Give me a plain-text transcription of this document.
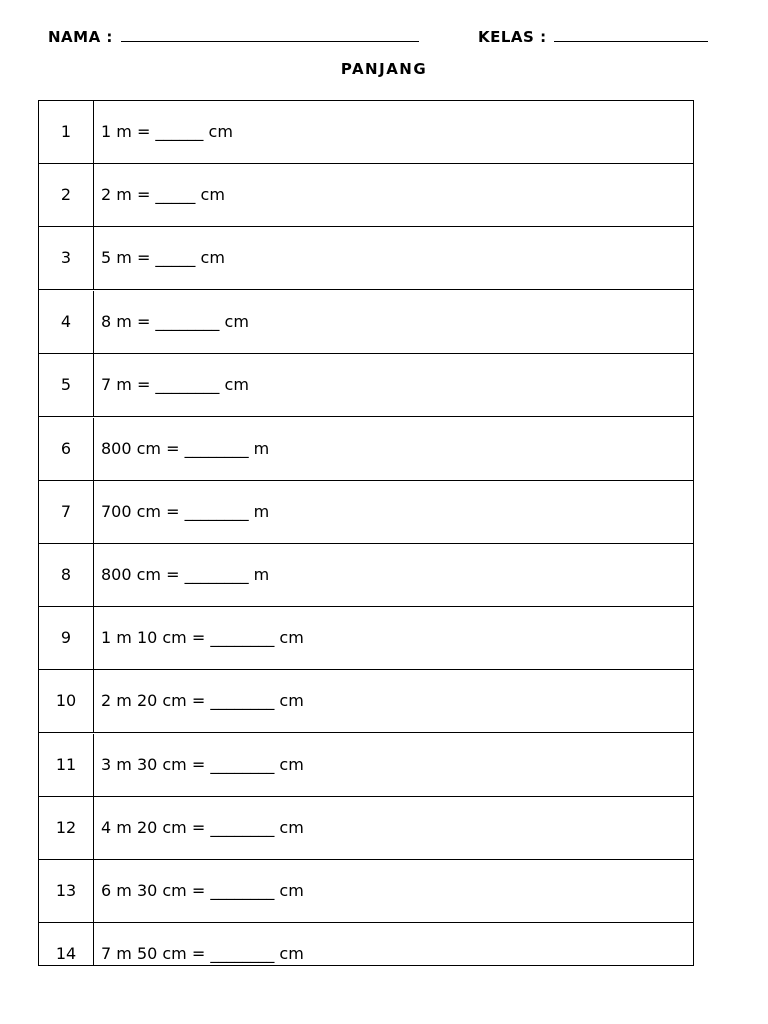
NAMA :	KELAS :
PANJANG
1	1 m = ______ cm
2	2 m = _____ cm
3	5 m = _____ cm
4	8 m = ________ cm
5	7 m = ________ cm
6	800 cm = ________ m
7	700 cm = ________ m
8	800 cm = ________ m
9	1 m 10 cm = ________ cm
10	2 m 20 cm = ________ cm
11	3 m 30 cm = ________ cm
12	4 m 20 cm = ________ cm
13	6 m 30 cm = ________ cm
14	7 m 50 cm = ________ cm
